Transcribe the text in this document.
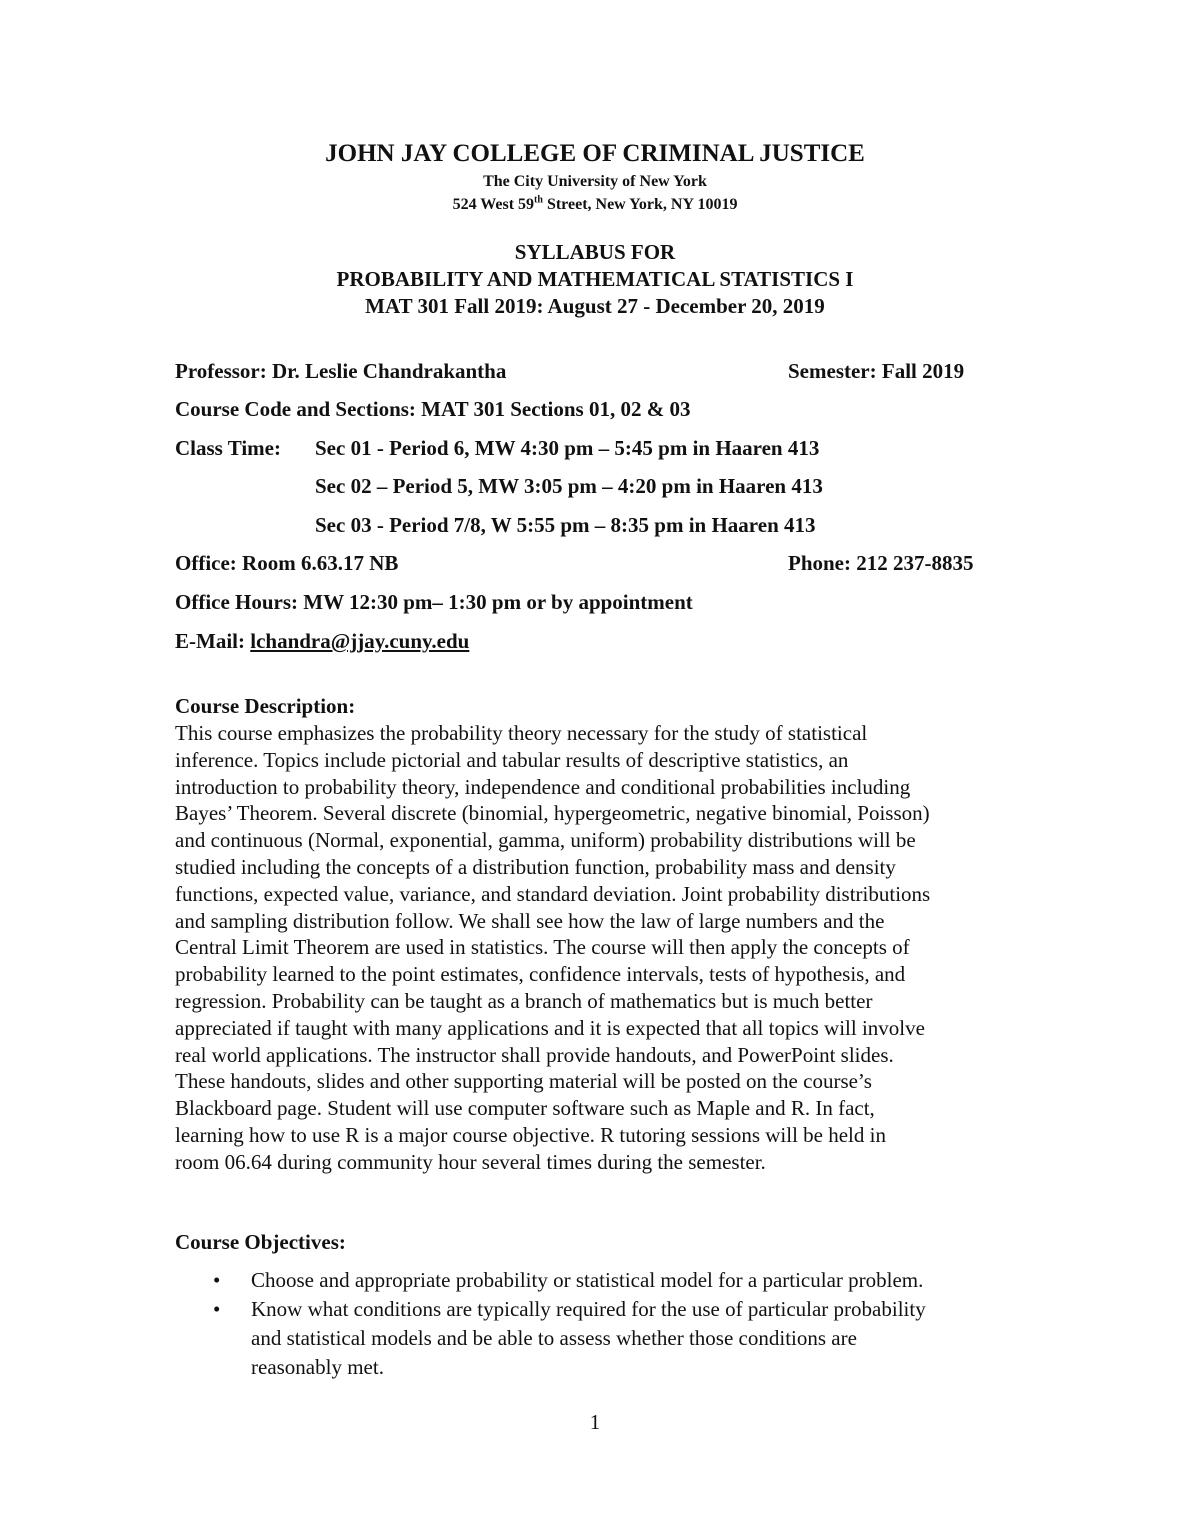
JOHN JAY COLLEGE OF CRIMINAL JUSTICE
The City University of New York
524 West 59th Street, New York, NY 10019
SYLLABUS FOR
PROBABILITY AND MATHEMATICAL STATISTICS I
MAT 301 Fall 2019: August 27 - December 20, 2019
Professor: Dr. Leslie Chandrakantha	Semester: Fall 2019
Course Code and Sections: MAT 301 Sections 01, 02 & 03
Class Time: Sec 01 - Period 6, MW 4:30 pm – 5:45 pm in Haaren 413
Sec 02 – Period 5, MW 3:05 pm – 4:20 pm in Haaren 413
Sec 03 - Period 7/8, W 5:55 pm – 8:35 pm in Haaren 413
Office: Room 6.63.17 NB	Phone: 212 237-8835
Office Hours: MW 12:30 pm– 1:30 pm or by appointment
E-Mail: lchandra@jjay.cuny.edu
Course Description:
This course emphasizes the probability theory necessary for the study of statistical
inference. Topics include pictorial and tabular results of descriptive statistics, an
introduction to probability theory, independence and conditional probabilities including
Bayes’ Theorem. Several discrete (binomial, hypergeometric, negative binomial, Poisson)
and continuous (Normal, exponential, gamma, uniform) probability distributions will be
studied including the concepts of a distribution function, probability mass and density
functions, expected value, variance, and standard deviation. Joint probability distributions
and sampling distribution follow. We shall see how the law of large numbers and the
Central Limit Theorem are used in statistics. The course will then apply the concepts of
probability learned to the point estimates, confidence intervals, tests of hypothesis, and
regression. Probability can be taught as a branch of mathematics but is much better
appreciated if taught with many applications and it is expected that all topics will involve
real world applications. The instructor shall provide handouts, and PowerPoint slides.
These handouts, slides and other supporting material will be posted on the course’s
Blackboard page. Student will use computer software such as Maple and R. In fact,
learning how to use R is a major course objective. R tutoring sessions will be held in
room 06.64 during community hour several times during the semester.
Course Objectives:
• Choose and appropriate probability or statistical model for a particular problem.
• Know what conditions are typically required for the use of particular probability
and statistical models and be able to assess whether those conditions are
reasonably met.
1
